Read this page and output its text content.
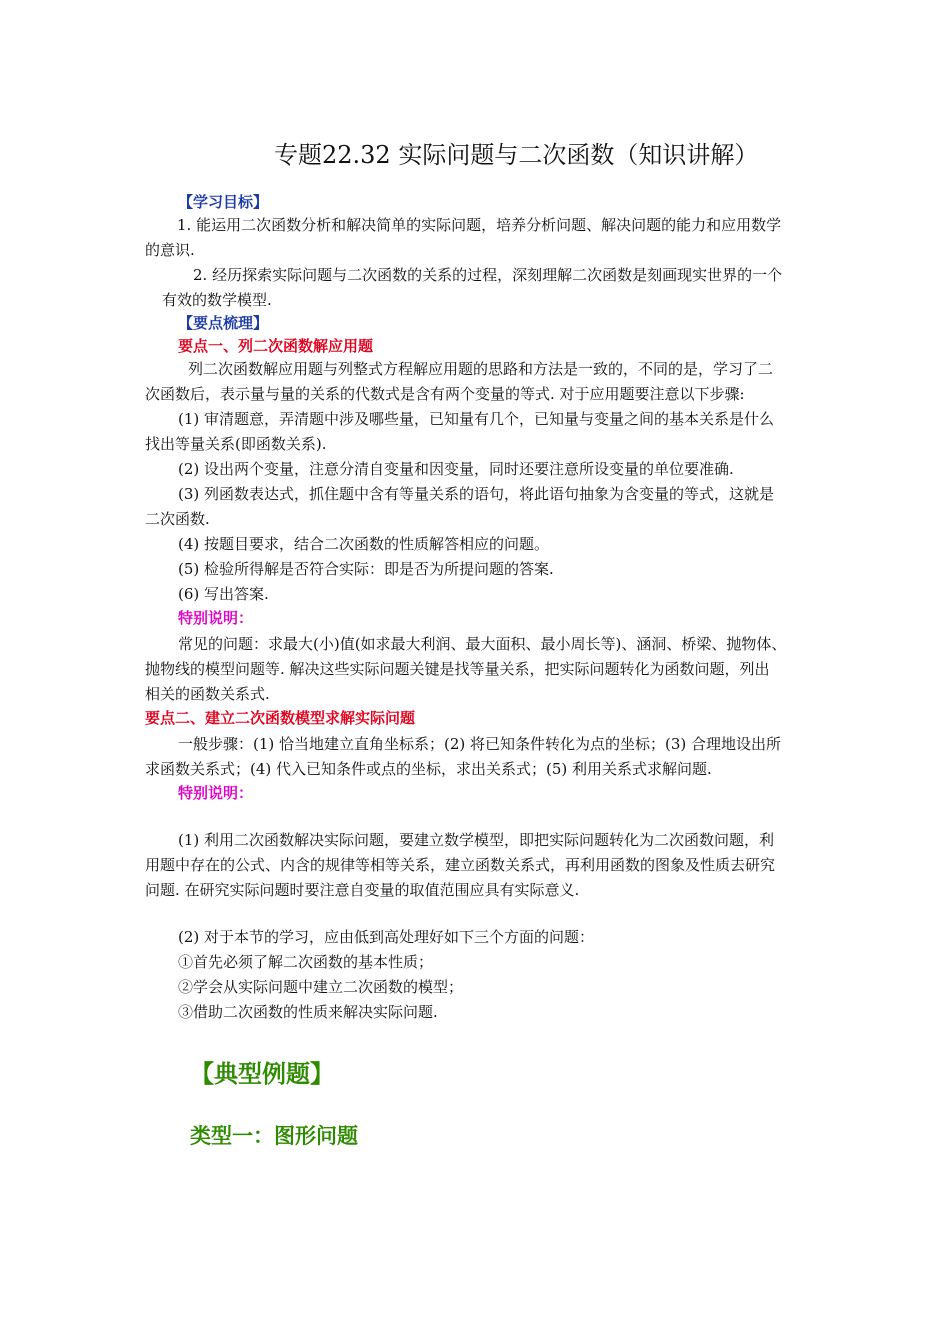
专题22.32 实际问题与二次函数（知识讲解）
【学习目标】
1. 能运用二次函数分析和解决简单的实际问题，培养分析问题、解决问题的能力和应用数学
的意识.
2. 经历探索实际问题与二次函数的关系的过程，深刻理解二次函数是刻画现实世界的一个
有效的数学模型.
【要点梳理】
要点一、列二次函数解应用题
列二次函数解应用题与列整式方程解应用题的思路和方法是一致的，不同的是，学习了二
次函数后，表示量与量的关系的代数式是含有两个变量的等式. 对于应用题要注意以下步骤:
(1) 审清题意，弄清题中涉及哪些量，已知量有几个，已知量与变量之间的基本关系是什么
找出等量关系(即函数关系).
(2) 设出两个变量，注意分清自变量和因变量，同时还要注意所设变量的单位要准确.
(3) 列函数表达式，抓住题中含有等量关系的语句，将此语句抽象为含变量的等式，这就是
二次函数.
(4) 按题目要求，结合二次函数的性质解答相应的问题。
(5) 检验所得解是否符合实际：即是否为所提问题的答案.
(6) 写出答案.
特别说明：
常见的问题：求最大(小)值(如求最大利润、最大面积、最小周长等)、涵洞、桥梁、抛物体、
抛物线的模型问题等. 解决这些实际问题关键是找等量关系，把实际问题转化为函数问题，列出
相关的函数关系式.
要点二、建立二次函数模型求解实际问题
一般步骤：(1) 恰当地建立直角坐标系；(2) 将已知条件转化为点的坐标；(3) 合理地设出所
求函数关系式；(4) 代入已知条件或点的坐标，求出关系式；(5) 利用关系式求解问题.
特别说明：
(1) 利用二次函数解决实际问题，要建立数学模型，即把实际问题转化为二次函数问题，利
用题中存在的公式、内含的规律等相等关系，建立函数关系式，再利用函数的图象及性质去研究
问题. 在研究实际问题时要注意自变量的取值范围应具有实际意义.
(2) 对于本节的学习，应由低到高处理好如下三个方面的问题：
①首先必须了解二次函数的基本性质；
②学会从实际问题中建立二次函数的模型；
③借助二次函数的性质来解决实际问题.
【典型例题】
类型一：图形问题
